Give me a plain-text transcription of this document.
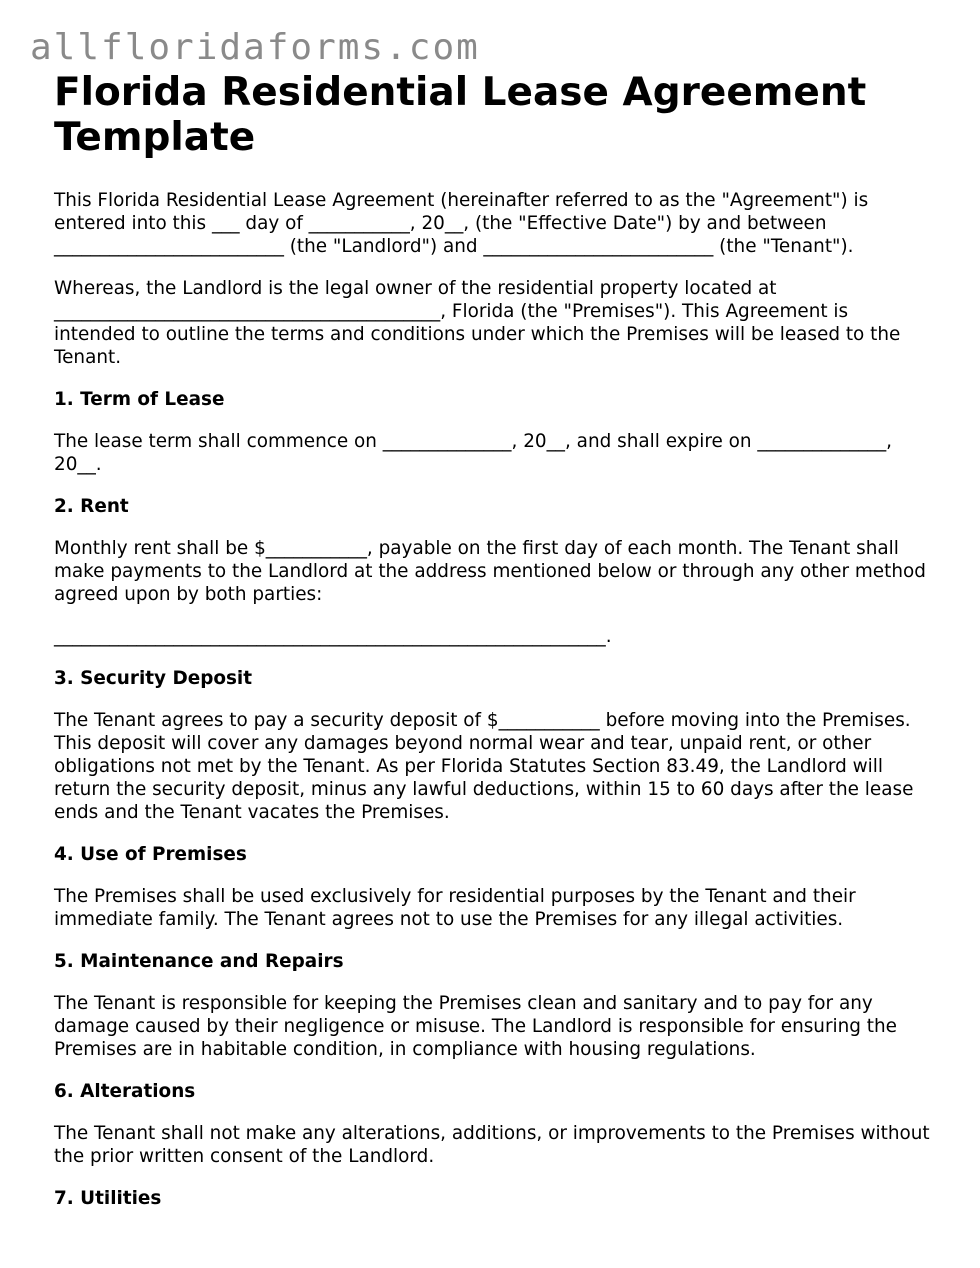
allfloridaforms.com
Florida Residential Lease Agreement Template

This Florida Residential Lease Agreement (hereinafter referred to as the "Agreement") is entered into this ___ day of ___________, 20__, (the "Effective Date") by and between _________________________ (the "Landlord") and _________________________ (the "Tenant").

Whereas, the Landlord is the legal owner of the residential property located at __________________________________________, Florida (the "Premises"). This Agreement is intended to outline the terms and conditions under which the Premises will be leased to the Tenant.

1. Term of Lease

The lease term shall commence on ______________, 20__, and shall expire on ______________, 20__.

2. Rent

Monthly rent shall be $___________, payable on the first day of each month. The Tenant shall make payments to the Landlord at the address mentioned below or through any other method agreed upon by both parties:

____________________________________________________________.

3. Security Deposit

The Tenant agrees to pay a security deposit of $___________ before moving into the Premises. This deposit will cover any damages beyond normal wear and tear, unpaid rent, or other obligations not met by the Tenant. As per Florida Statutes Section 83.49, the Landlord will return the security deposit, minus any lawful deductions, within 15 to 60 days after the lease ends and the Tenant vacates the Premises.

4. Use of Premises

The Premises shall be used exclusively for residential purposes by the Tenant and their immediate family. The Tenant agrees not to use the Premises for any illegal activities.

5. Maintenance and Repairs

The Tenant is responsible for keeping the Premises clean and sanitary and to pay for any damage caused by their negligence or misuse. The Landlord is responsible for ensuring the Premises are in habitable condition, in compliance with housing regulations.

6. Alterations

The Tenant shall not make any alterations, additions, or improvements to the Premises without the prior written consent of the Landlord.

7. Utilities
